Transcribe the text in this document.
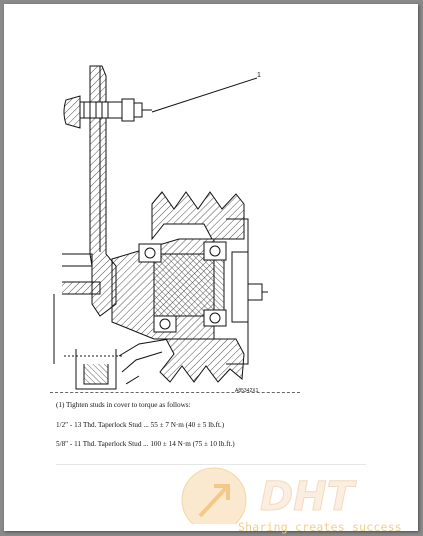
1
A85342X1
(1) Tighten studs in cover to torque as follows:
1/2" - 13 Thd. Taperlock Stud ... 55 ± 7 N·m (40 ± 5 lb.ft.)
5/8" - 11 Thd. Taperlock Stud ... 100 ± 14 N·m (75 ± 10 lb.ft.)
DHT
Sharing creates success
